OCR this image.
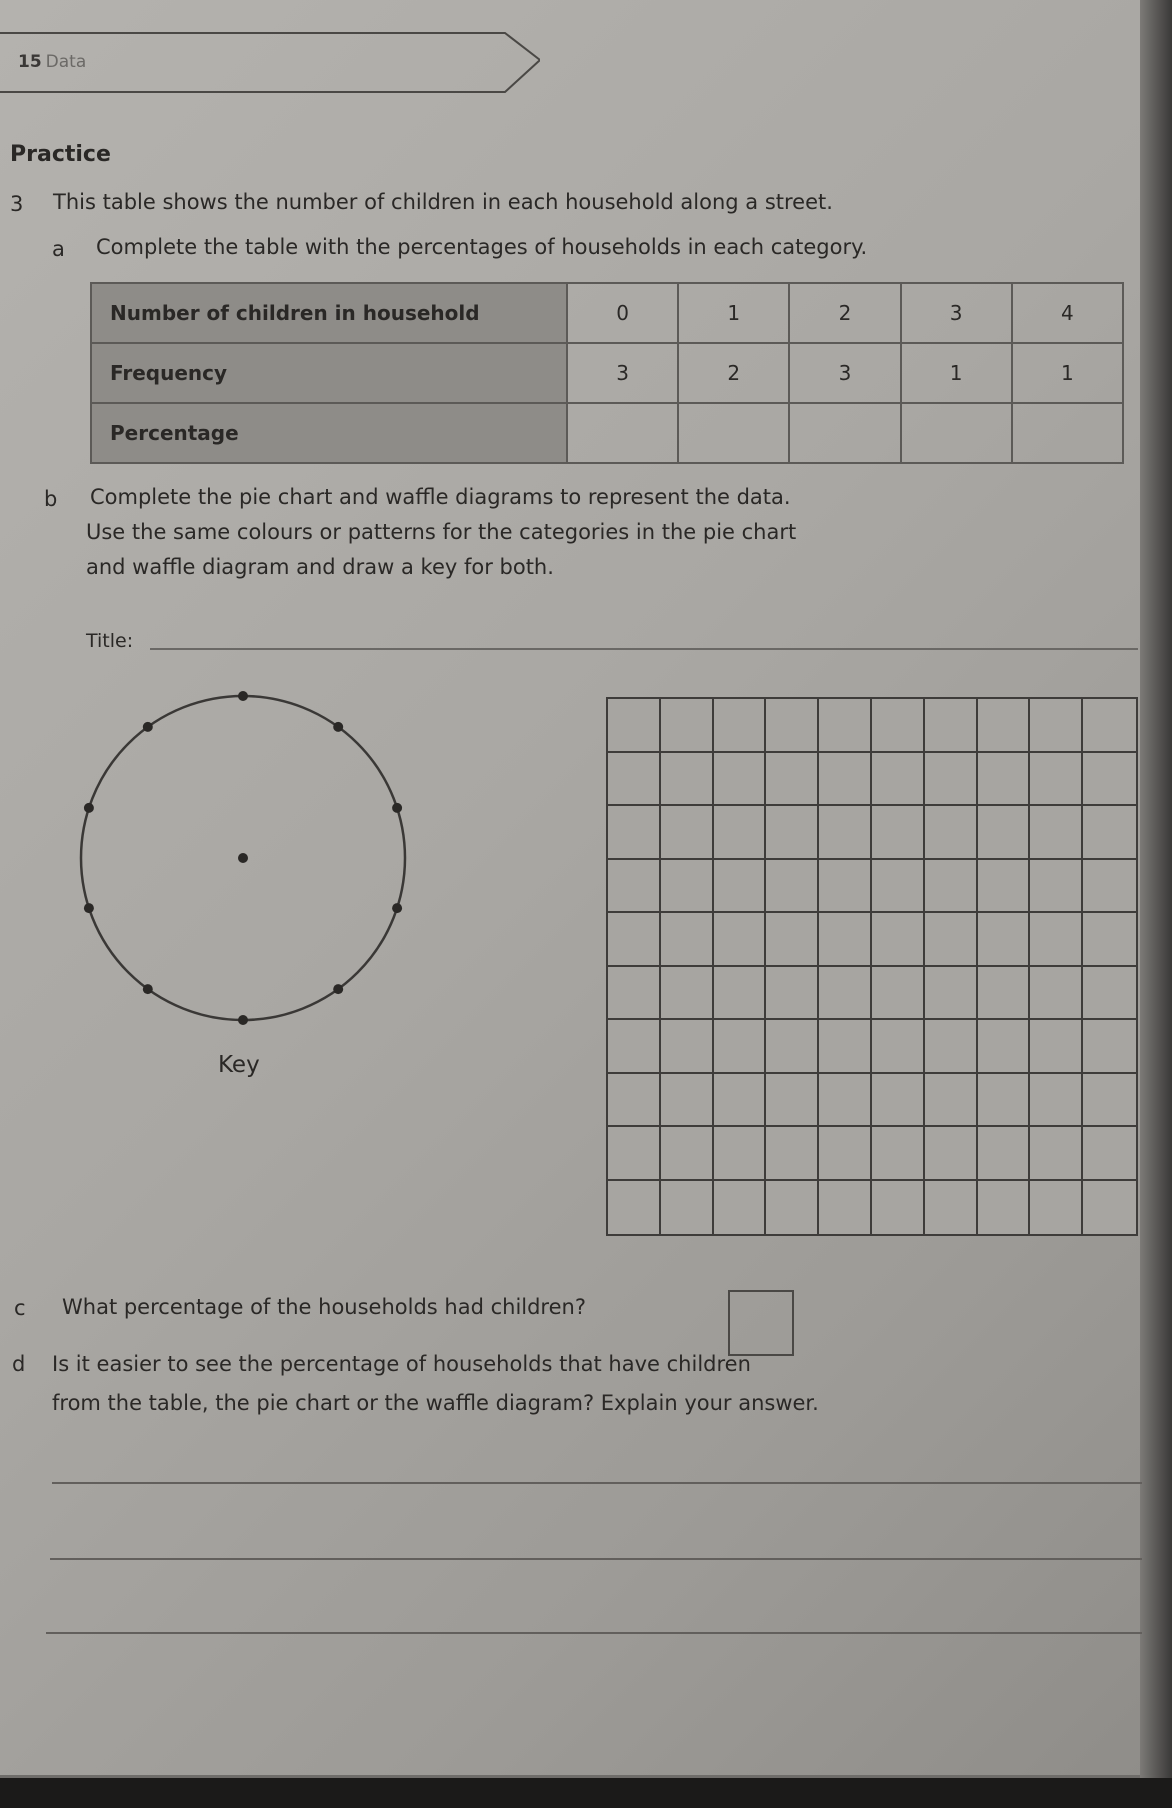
15 Data
Practice
3 This table shows the number of children in each household along a street.
a Complete the table with the percentages of households in each category.
Number of children in household	0	1	2	3	4
Frequency	3	2	3	1	1
Percentage					
b Complete the pie chart and waffle diagrams to represent the data.
Use the same colours or patterns for the categories in the pie chart
and waffle diagram and draw a key for both.
Title:
Key
c What percentage of the households had children?
d Is it easier to see the percentage of households that have children
from the table, the pie chart or the waffle diagram? Explain your answer.
